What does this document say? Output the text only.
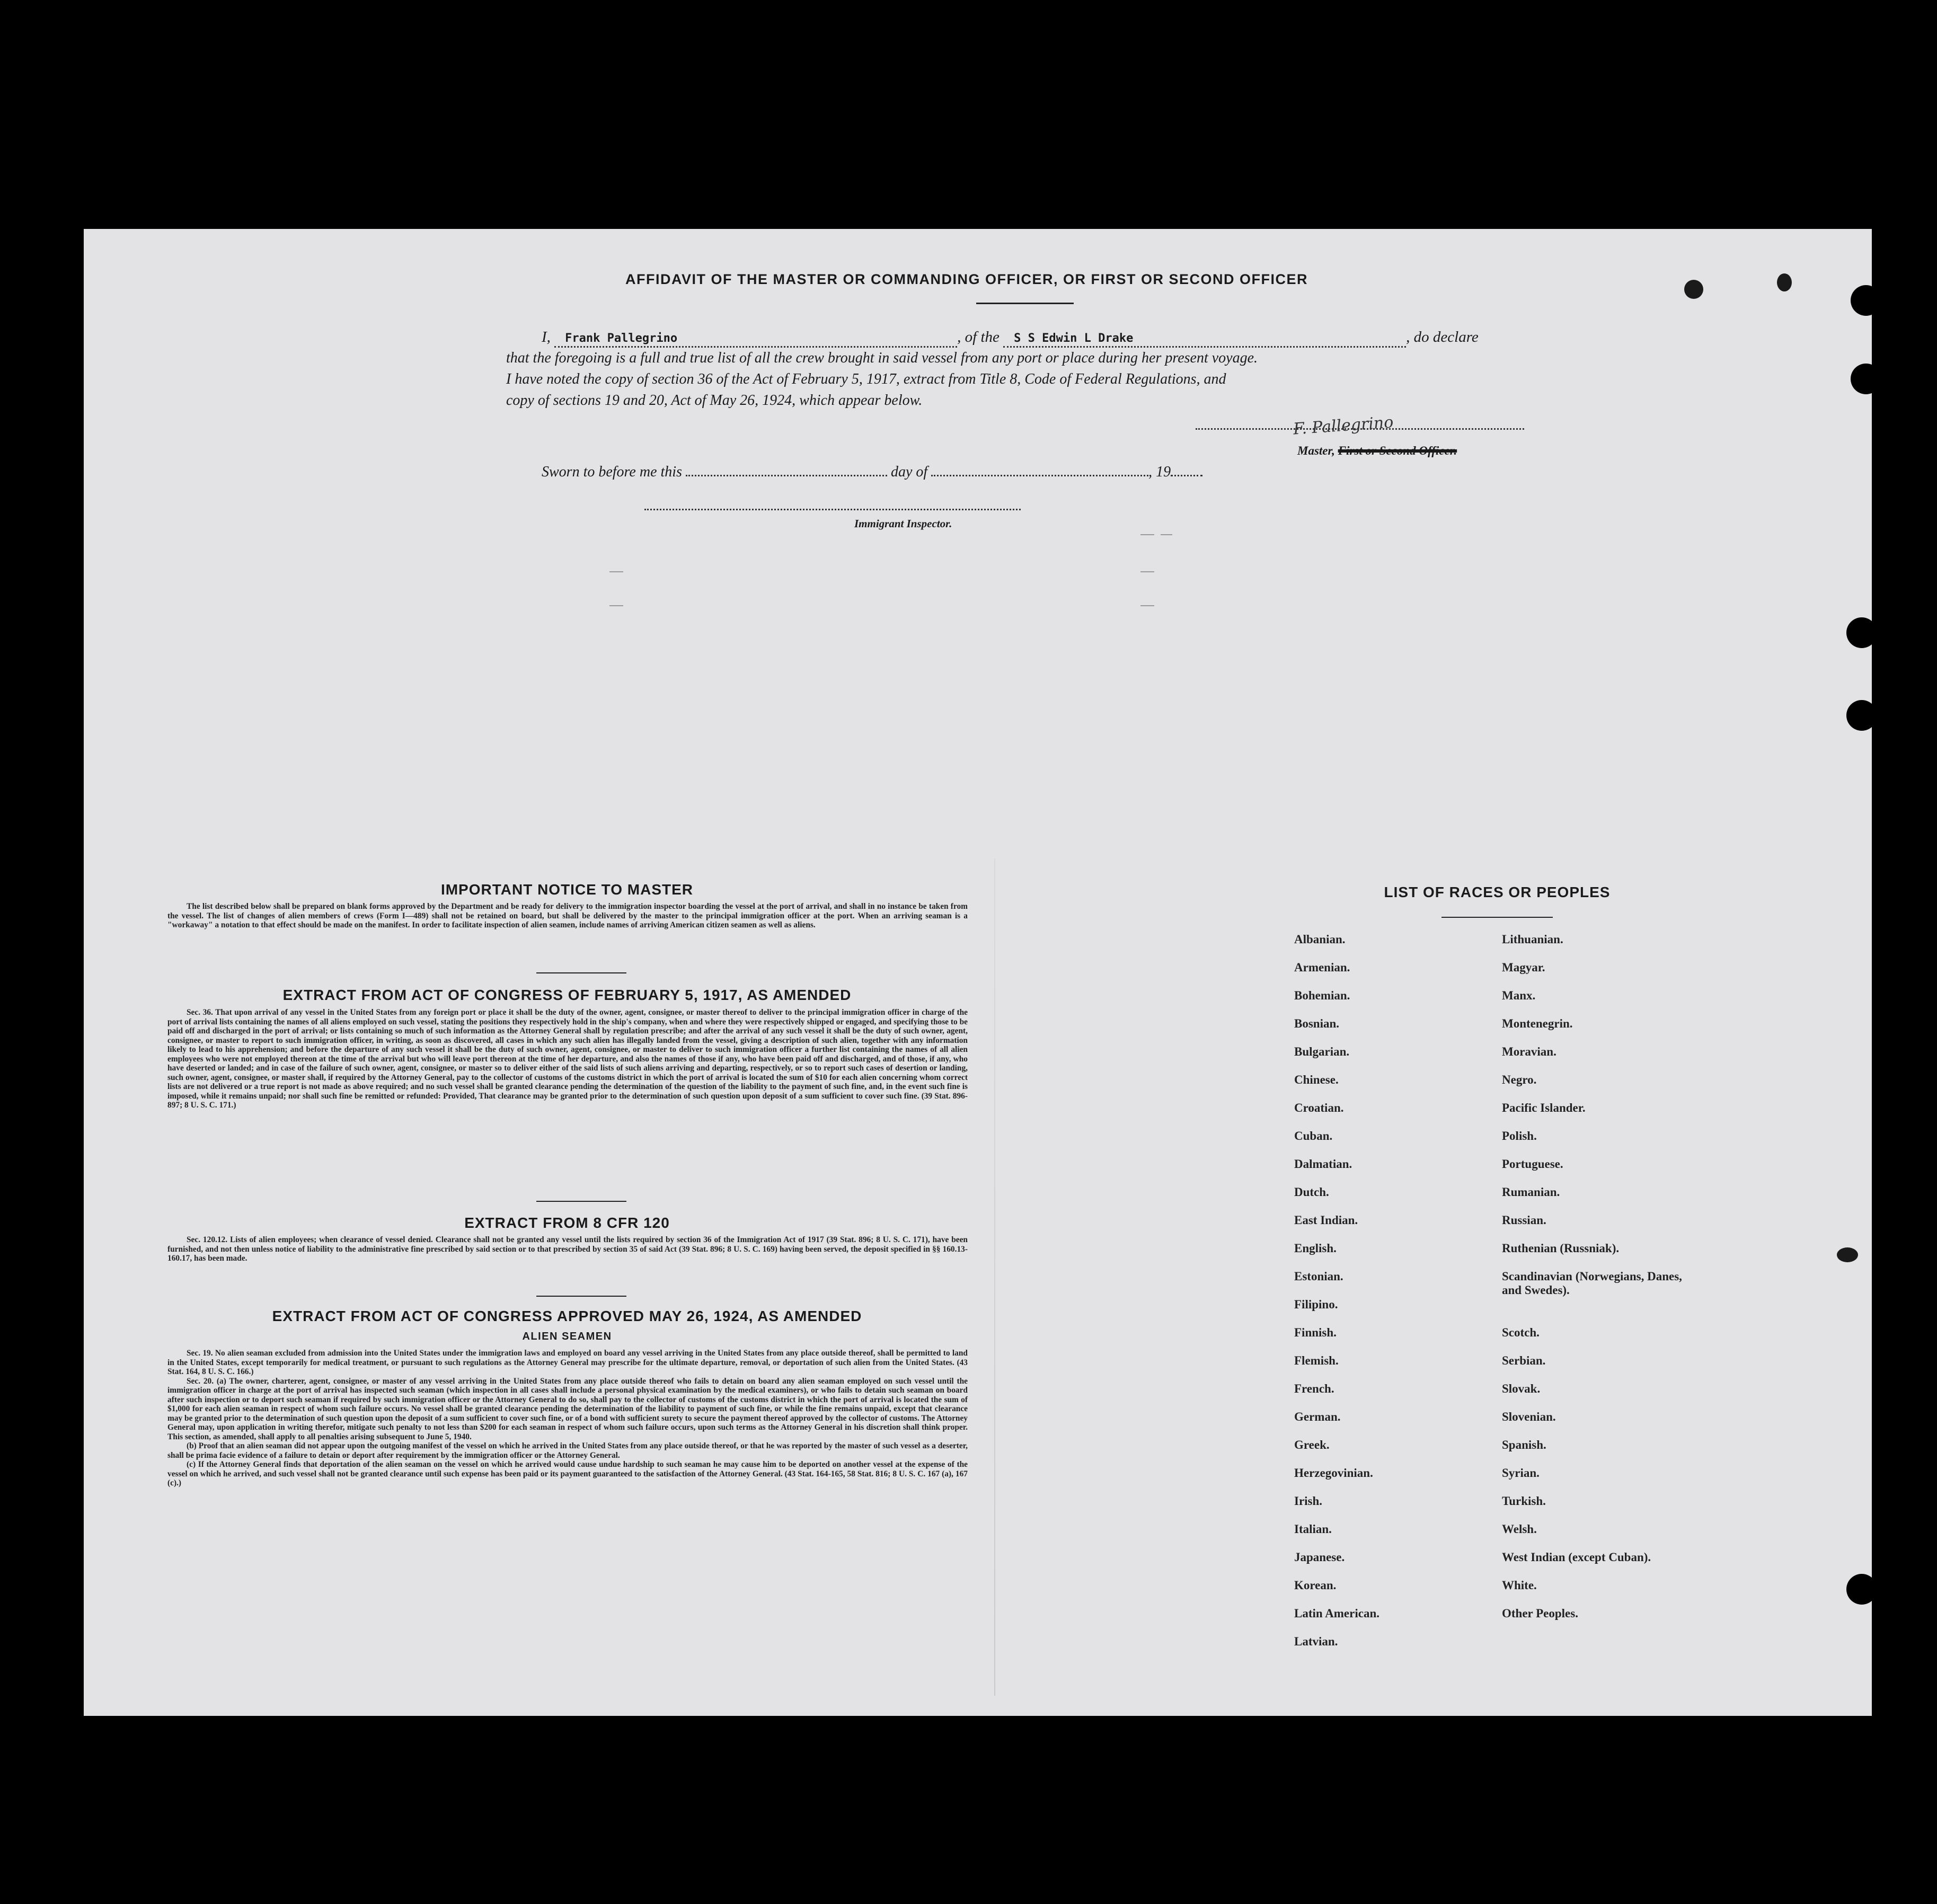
AFFIDAVIT OF THE MASTER OR COMMANDING OFFICER, OR FIRST OR SECOND OFFICER
I, Frank Pallegrino	, of the S S Edwin L Drake	, do declare
that the foregoing is a full and true list of all the crew brought in said vessel from any port or place during her present voyage.
I have noted the copy of section 36 of the Act of February 5, 1917, extract from Title 8, Code of Federal Regulations, and
copy of sections 19 and 20, Act of May 26, 1924, which appear below.
F. Pallegrino
Master, First or Second Officer.
Sworn to before me this	day of	, 19
Immigrant Inspector.
IMPORTANT NOTICE TO MASTER

The list described below shall be prepared on blank forms approved by the Department and be ready for delivery to the immigration inspector boarding the vessel at the port of arrival, and shall in no instance be taken from the vessel. The list of changes of alien members of crews (Form I—489) shall not be retained on board, but shall be delivered by the master to the principal immigration officer at the port. When an arriving seaman is a "workaway" a notation to that effect should be made on the manifest. In order to facilitate inspection of alien seamen, include names of arriving American citizen seamen as well as aliens.

EXTRACT FROM ACT OF CONGRESS OF FEBRUARY 5, 1917, AS AMENDED

Sec. 36. That upon arrival of any vessel in the United States from any foreign port or place it shall be the duty of the owner, agent, consignee, or master thereof to deliver to the principal immigration officer in charge of the port of arrival lists containing the names of all aliens employed on such vessel, stating the positions they respectively hold in the ship's company, when and where they were respectively shipped or engaged, and specifying those to be paid off and discharged in the port of arrival; or lists containing so much of such information as the Attorney General shall by regulation prescribe; and after the arrival of any such vessel it shall be the duty of such owner, agent, consignee, or master to report to such immigration officer, in writing, as soon as discovered, all cases in which any such alien has illegally landed from the vessel, giving a description of such alien, together with any information likely to lead to his apprehension; and before the departure of any such vessel it shall be the duty of such owner, agent, consignee, or master to deliver to such immigration officer a further list containing the names of all alien employees who were not employed thereon at the time of the arrival but who will leave port thereon at the time of her departure, and also the names of those if any, who have been paid off and discharged, and of those, if any, who have deserted or landed; and in case of the failure of such owner, agent, consignee, or master so to deliver either of the said lists of such aliens arriving and departing, respectively, or so to report such cases of desertion or landing, such owner, agent, consignee, or master shall, if required by the Attorney General, pay to the collector of customs of the customs district in which the port of arrival is located the sum of $10 for each alien concerning whom correct lists are not delivered or a true report is not made as above required; and no such vessel shall be granted clearance pending the determination of the question of the liability to the payment of such fine, and, in the event such fine is imposed, while it remains unpaid; nor shall such fine be remitted or refunded: Provided, That clearance may be granted prior to the determination of such question upon deposit of a sum sufficient to cover such fine. (39 Stat. 896-897; 8 U. S. C. 171.)

EXTRACT FROM 8 CFR 120

Sec. 120.12. Lists of alien employees; when clearance of vessel denied. Clearance shall not be granted any vessel until the lists required by section 36 of the Immigration Act of 1917 (39 Stat. 896; 8 U. S. C. 171), have been furnished, and not then unless notice of liability to the administrative fine prescribed by said section or to that prescribed by section 35 of said Act (39 Stat. 896; 8 U. S. C. 169) having been served, the deposit specified in §§ 160.13-160.17, has been made.

EXTRACT FROM ACT OF CONGRESS APPROVED MAY 26, 1924, AS AMENDED
ALIEN SEAMEN

Sec. 19. No alien seaman excluded from admission into the United States under the immigration laws and employed on board any vessel arriving in the United States from any place outside thereof, shall be permitted to land in the United States, except temporarily for medical treatment, or pursuant to such regulations as the Attorney General may prescribe for the ultimate departure, removal, or deportation of such alien from the United States. (43 Stat. 164, 8 U. S. C. 166.)

Sec. 20. (a) The owner, charterer, agent, consignee, or master of any vessel arriving in the United States from any place outside thereof who fails to detain on board any alien seaman employed on such vessel until the immigration officer in charge at the port of arrival has inspected such seaman (which inspection in all cases shall include a personal physical examination by the medical examiners), or who fails to detain such seaman on board after such inspection or to deport such seaman if required by such immigration officer or the Attorney General to do so, shall pay to the collector of customs of the customs district in which the port of arrival is located the sum of $1,000 for each alien seaman in respect of whom such failure occurs. No vessel shall be granted clearance pending the determination of the liability to payment of such fine, or while the fine remains unpaid, except that clearance may be granted prior to the determination of such question upon the deposit of a sum sufficient to cover such fine, or of a bond with sufficient surety to secure the payment thereof approved by the collector of customs. The Attorney General may, upon application in writing therefor, mitigate such penalty to not less than $200 for each seaman in respect of whom such failure occurs, upon such terms as the Attorney General in his discretion shall think proper. This section, as amended, shall apply to all penalties arising subsequent to June 5, 1940.

(b) Proof that an alien seaman did not appear upon the outgoing manifest of the vessel on which he arrived in the United States from any place outside thereof, or that he was reported by the master of such vessel as a deserter, shall be prima facie evidence of a failure to detain or deport after requirement by the immigration officer or the Attorney General.

(c) If the Attorney General finds that deportation of the alien seaman on the vessel on which he arrived would cause undue hardship to such seaman he may cause him to be deported on another vessel at the expense of the vessel on which he arrived, and such vessel shall not be granted clearance until such expense has been paid or its payment guaranteed to the satisfaction of the Attorney General. (43 Stat. 164-165, 58 Stat. 816; 8 U. S. C. 167 (a), 167 (c).)

LIST OF RACES OR PEOPLES
Albanian.
Armenian.
Bohemian.
Bosnian.
Bulgarian.
Chinese.
Croatian.
Cuban.
Dalmatian.
Dutch.
East Indian.
English.
Estonian.
Filipino.
Finnish.
Flemish.
French.
German.
Greek.
Herzegovinian.
Irish.
Italian.
Japanese.
Korean.
Latin American.
Latvian.
Lithuanian.
Magyar.
Manx.
Montenegrin.
Moravian.
Negro.
Pacific Islander.
Polish.
Portuguese.
Rumanian.
Russian.
Ruthenian (Russniak).
Scandinavian (Norwegians, Danes, and Swedes).
Scotch.
Serbian.
Slovak.
Slovenian.
Spanish.
Syrian.
Turkish.
Welsh.
West Indian (except Cuban).
White.
Other Peoples.
